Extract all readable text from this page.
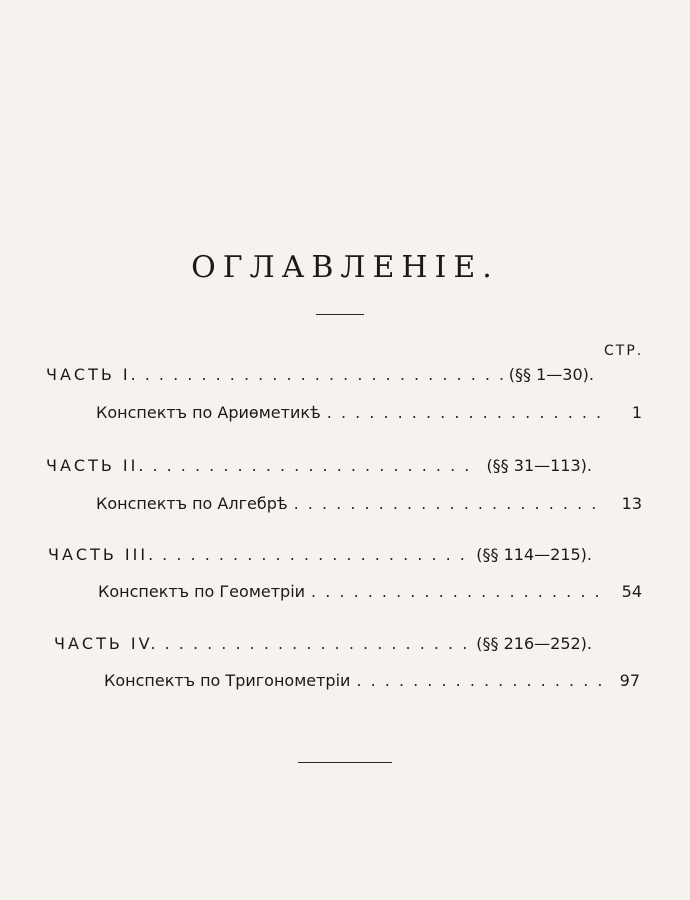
ОГЛАВЛЕНІЕ.
СТР.
ЧАСТЬ I. . . .	(§§ 1—30).
Конспектъ по Ариѳметикѣ . . .	1
ЧАСТЬ II. . . .	(§§ 31—113).
Конспектъ по Алгебрѣ . . .	13
ЧАСТЬ III. . . .	(§§ 114—215).
Конспектъ по Геометріи . . .	54
ЧАСТЬ IV. . . .	(§§ 216—252).
Конспектъ по Тригонометріи . . .	97
